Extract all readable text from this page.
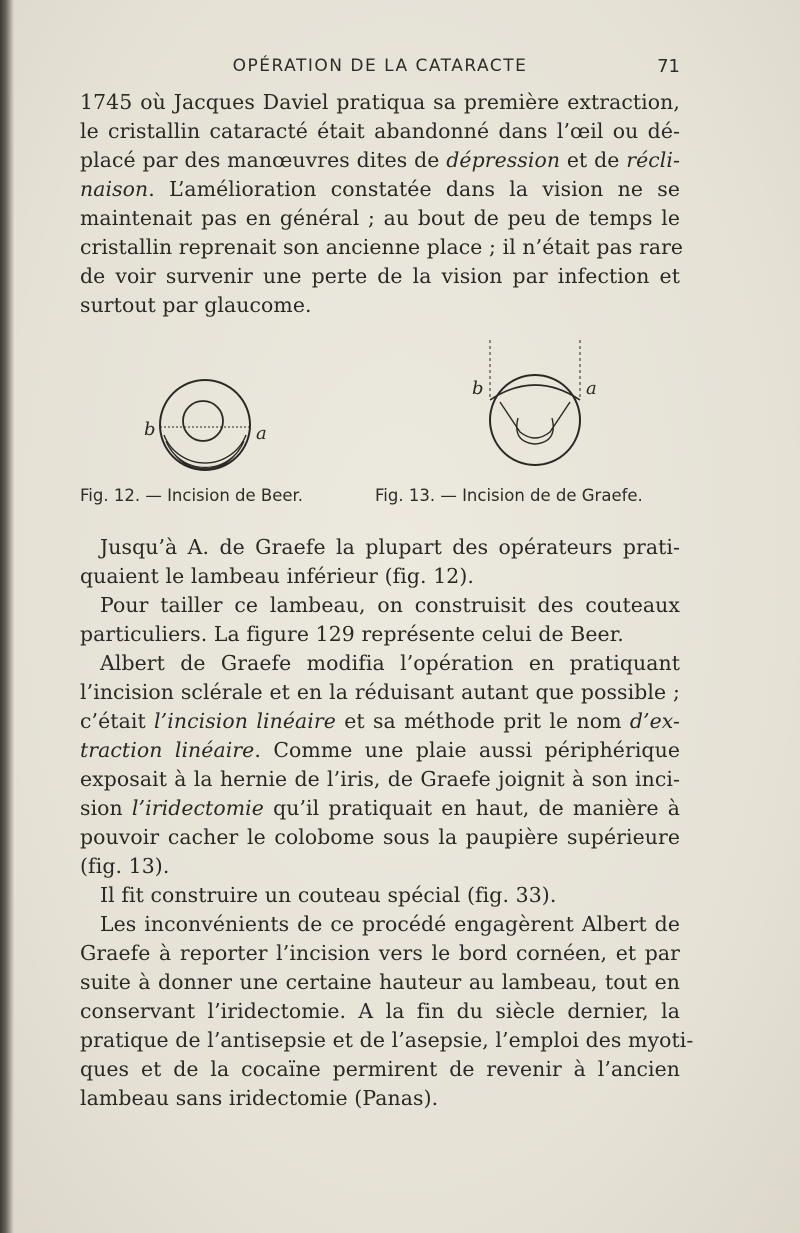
OPÉRATION DE LA CATARACTE	71

1745 où Jacques Daviel pratiqua sa première extraction,
le cristallin cataracté était abandonné dans l’œil ou dé-
placé par des manœuvres dites de dépression et de récli-
naison. L’amélioration constatée dans la vision ne se
maintenait pas en général ; au bout de peu de temps le
cristallin reprenait son ancienne place ; il n’était pas rare
de voir survenir une perte de la vision par infection et
surtout par glaucome.

b	a
b	a
Fig. 12. — Incision de Beer.	Fig. 13. — Incision de de Graefe.

Jusqu’à A. de Graefe la plupart des opérateurs prati-
quaient le lambeau inférieur (fig. 12).

Pour tailler ce lambeau, on construisit des couteaux
particuliers. La figure 129 représente celui de Beer.

Albert de Graefe modifia l’opération en pratiquant
l’incision sclérale et en la réduisant autant que possible ;
c’était l’incision linéaire et sa méthode prit le nom d’ex-
traction linéaire. Comme une plaie aussi périphérique
exposait à la hernie de l’iris, de Graefe joignit à son inci-
sion l’iridectomie qu’il pratiquait en haut, de manière à
pouvoir cacher le colobome sous la paupière supérieure
(fig. 13).

Il fit construire un couteau spécial (fig. 33).

Les inconvénients de ce procédé engagèrent Albert de
Graefe à reporter l’incision vers le bord cornéen, et par
suite à donner une certaine hauteur au lambeau, tout en
conservant l’iridectomie. A la fin du siècle dernier, la
pratique de l’antisepsie et de l’asepsie, l’emploi des myoti-
ques et de la cocaïne permirent de revenir à l’ancien
lambeau sans iridectomie (Panas).
